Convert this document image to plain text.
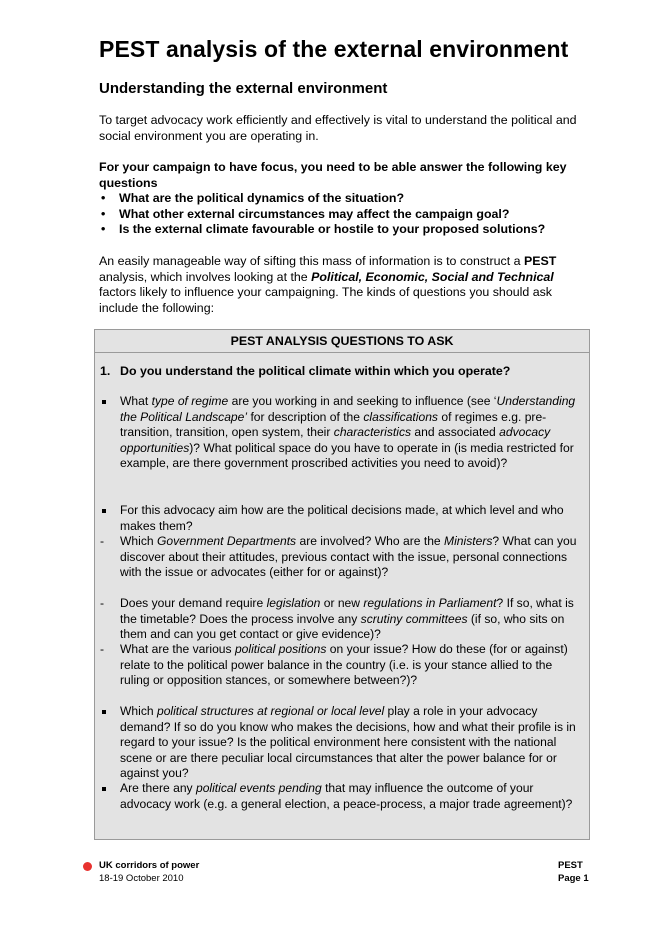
PEST analysis of the external environment
Understanding the external environment

To target advocacy work efficiently and effectively is vital to understand the political and social environment you are operating in.

For your campaign to have focus, you need to be able answer the following key questions

• What are the political dynamics of the situation?
• What other external circumstances may affect the campaign goal?
• Is the external climate favourable or hostile to your proposed solutions?

An easily manageable way of sifting this mass of information is to construct a PEST analysis, which involves looking at the Political, Economic, Social and Technical factors likely to influence your campaigning. The kinds of questions you should ask include the following:

PEST ANALYSIS QUESTIONS TO ASK
1. Do you understand the political climate within which you operate?
What type of regime are you working in and seeking to influence (see ‘Understanding the Political Landscape’ for description of the classifications of regimes e.g. pre-transition, transition, open system, their characteristics and associated advocacy opportunities)? What political space do you have to operate in (is media restricted for example, are there government proscribed activities you need to avoid)?
For this advocacy aim how are the political decisions made, at which level and who makes them?
-	Which Government Departments are involved? Who are the Ministers? What can you discover about their attitudes, previous contact with the issue, personal connections with the issue or advocates (either for or against)?
-	Does your demand require legislation or new regulations in Parliament? If so, what is the timetable? Does the process involve any scrutiny committees (if so, who sits on them and can you get contact or give evidence)?
-	What are the various political positions on your issue? How do these (for or against) relate to the political power balance in the country (i.e. is your stance allied to the ruling or opposition stances, or somewhere between?)?
Which political structures at regional or local level play a role in your advocacy demand? If so do you know who makes the decisions, how and what their profile is in regard to your issue? Is the political environment here consistent with the national scene or are there peculiar local circumstances that alter the power balance for or against you?
Are there any political events pending that may influence the outcome of your advocacy work (e.g. a general election, a peace-process, a major trade agreement)?
UK corridors of power
18-19 October 2010
PEST
Page 1
